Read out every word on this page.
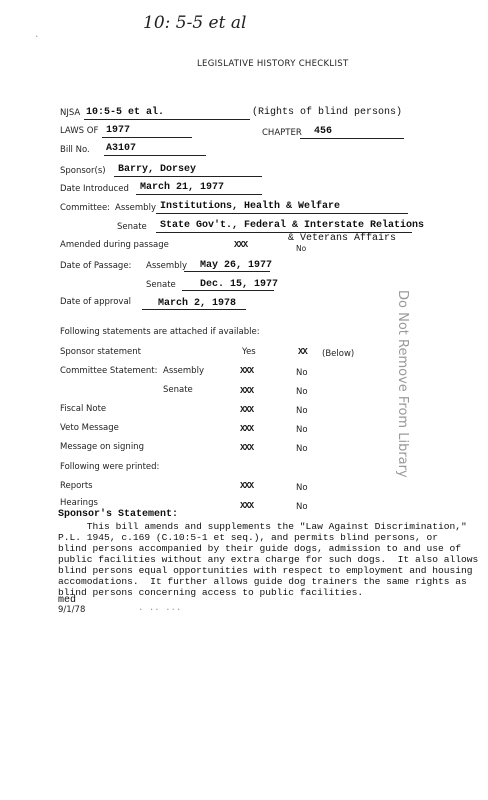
10: 5-5 et al
.
LEGISLATIVE HISTORY CHECKLIST
NJSA 10:5-5 et al.	(Rights of blind persons)
LAWS OF 1977	CHAPTER 456
Bill No. A3107
Sponsor(s) Barry, Dorsey
Date Introduced March 21, 1977
Committee: Assembly Institutions, Health & Welfare
Senate State Gov't., Federal & Interstate Relations
& Veterans Affairs
Amended during passage	XXX	No
Date of Passage: Assembly May 26, 1977
Senate Dec. 15, 1977
Date of approval	March 2, 1978
Following statements are attached if available:
Sponsor statement	Yes	XX (Below)
Committee Statement: Assembly	XXX	No
Senate	XXX	No
Fiscal Note	XXX	No
Veto Message	XXX	No
Message on signing	XXX	No
Following were printed:
Reports	XXX	No
Hearings	XXX	No
Sponsor's Statement:
This bill amends and supplements the "Law Against Discrimination,"
P.L. 1945, c.169 (C.10:5-1 et seq.), and permits blind persons, or
blind persons accompanied by their guide dogs, admission to and use of
public facilities without any extra charge for such dogs.  It also allows
blind persons equal opportunities with respect to employment and housing
accomodations.  It further allows guide dog trainers the same rights as
blind persons concerning access to public facilities.
med
9/1/78	. .. ...
Do Not Remove From Library
